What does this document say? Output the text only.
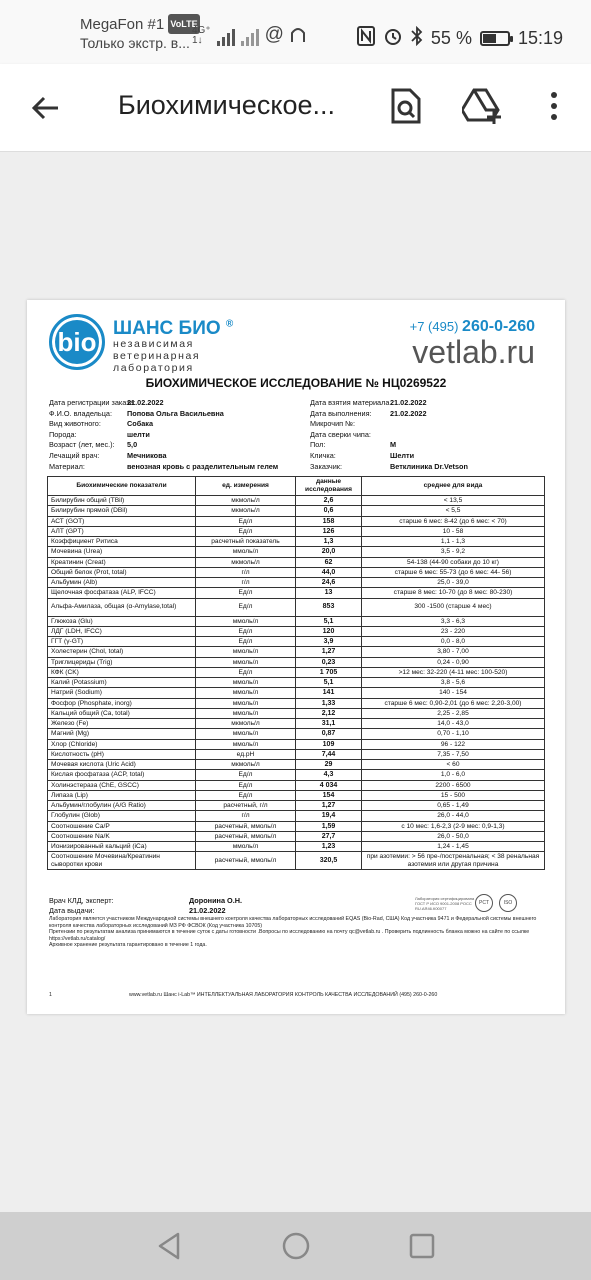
MegaFon #1 VoLTE
Только экстр. в...
4G⁺
1↓	@	55 %	15:19
Биохимическое...
bio ШАНС БИО ®
независимая
ветеринарная
лаборатория
+7 (495) 260-0-260
vetlab.ru
БИОХИМИЧЕСКОЕ ИССЛЕДОВАНИЕ № НЦ0269522
Дата регистрации заказа:
21.02.2022	Дата взятия материала 21.02.2022
Ф.И.О. владельца: Попова Ольга Васильевна	Дата выполнения:	21.02.2022
Вид животного:	Собака	Микрочип №:
Порода:	шелти	Дата сверки чипа:
Возраст (лет, мес.): 5,0	Пол:	М
Лечащий врач:	Мечникова	Кличка:	Шелти
Материал:	венозная кровь с разделительным гелем	Заказчик:	Ветклиника Dr.Vetson
Биохимические показатели	ед. измерения	данные исследования	среднее для вида
Билирубин общий (TBil)	мкмоль/л	2,6	< 13,5
Билирубин прямой (DBil)	мкмоль/л	0,6	< 5,5
АСТ (GOT)	Ед/л	158	старше 6 мес: 8-42 (до 6 мес: < 70)
АЛТ (GPT)	Ед/л	126	10 - 58
Коэффициент Ритиса	расчетный показатель	1,3	1,1 - 1,3
Мочевина (Urea)	ммоль/л	20,0	3,5 - 9,2
Креатинин (Creat)	мкмоль/л	62	54-138 (44-90 собаки до 10 кг)
Общий белок (Prot, total)	г/л	44,0	старше 6 мес: 55-73 (до 6 мес: 44- 56)
Альбумин (Alb)	г/л	24,6	25,0 - 39,0
Щелочная фосфатаза (ALP, IFCC)	Ед/л	13	старше 8 мес: 10-70 (до 8 мес: 80-230)
Альфа-Амилаза, общая (α-Amylase,total)	Ед/л	853	300 -1500 (старше 4 мес)
Глюкоза (Glu)	ммоль/л	5,1	3,3 - 6,3
ЛДГ (LDH, IFCC)	Ед/л	120	23 - 220
ГГТ (γ-GT)	Ед/л	3,9	0,0 - 8,0
Холестерин (Chol, total)	ммоль/л	1,27	3,80 - 7,00
Триглицериды (Trig)	ммоль/л	0,23	0,24 - 0,90
КФК (CK)	Ед/л	1 705	>12 мес: 32-220 (4-11 мес: 100-520)
Калий (Potassium)	ммоль/л	5,1	3,8 - 5,6
Натрий (Sodium)	ммоль/л	141	140 - 154
Фосфор (Phosphate, inorg)	ммоль/л	1,33	старше 6 мес: 0,90-2,01 (до 6 мес: 2,20-3,00)
Кальций общий (Ca, total)	ммоль/л	2,12	2,25 - 2,85
Железо (Fe)	мкмоль/л	31,1	14,0 - 43,0
Магний (Mg)	ммоль/л	0,87	0,70 - 1,10
Хлор (Chloride)	ммоль/л	109	96 - 122
Кислотность (pH)	ед.рН	7,44	7,35 - 7,50
Мочевая кислота (Uric Acid)	мкмоль/л	29	< 60
Кислая фосфатаза (ACP, total)	Ед/л	4,3	1,0 - 6,0
Холинэстераза (ChE, GSCC)	Ед/л	4 034	2200 - 6500
Липаза (Lip)	Ед/л	154	15 - 500
Альбумин/глобулин (A/G Ratio)	расчетный, г/л	1,27	0,65 - 1,49
Глобулин (Glob)	г/л	19,4	26,0 - 44,0
Соотношение Ca/P	расчетный, ммоль/л	1,59	с 10 мес: 1,6-2,3 (2-9 мес: 0,9-1,3)
Соотношение Na/K	расчетный, ммоль/л	27,7	26,0 - 50,0
Ионизированный кальций (iCa)	ммоль/л	1,23	1,24 - 1,45
Соотношение Мочевина/Креатинин сыворотки крови	расчетный, ммоль/л	320,5	при азотемии: > 56 пре-/постренальная; < 38 ренальная азотемия или другая причина
Врач КЛД, эксперт:	Доронина О.Н.
Дата выдачи:	21.02.2022
Лаборатория сертифицирована ГОСТ Р ИСО 9001-2008 РОСС RU.АЯ46.К00077
PCT	ISO
Лаборатория является участником Международной системы внешнего контроля качества лабораторных исследований EQAS (Bio-Rad, США) Код участника 9471 и Федеральной системы внешнего контроля качества лабораторных исследований МЗ РФ ФСВОК (Код участника 10705)
Претензии по результатам анализа принимаются в течение суток с даты готовности .Вопросы по исследованию на почту qc@vetlab.ru . Проверить подлинность бланка можно на сайте по ссылке https://vetlab.ru/catalog/
Архивное хранение результата гарантировано в течение 1 года.
1	www.vetlab.ru Шанс i-Lab™ ИНТЕЛЛЕКТУАЛЬНАЯ ЛАБОРАТОРИЯ КОНТРОЛЬ КАЧЕСТВА ИССЛЕДОВАНИЙ (495) 260-0-260
